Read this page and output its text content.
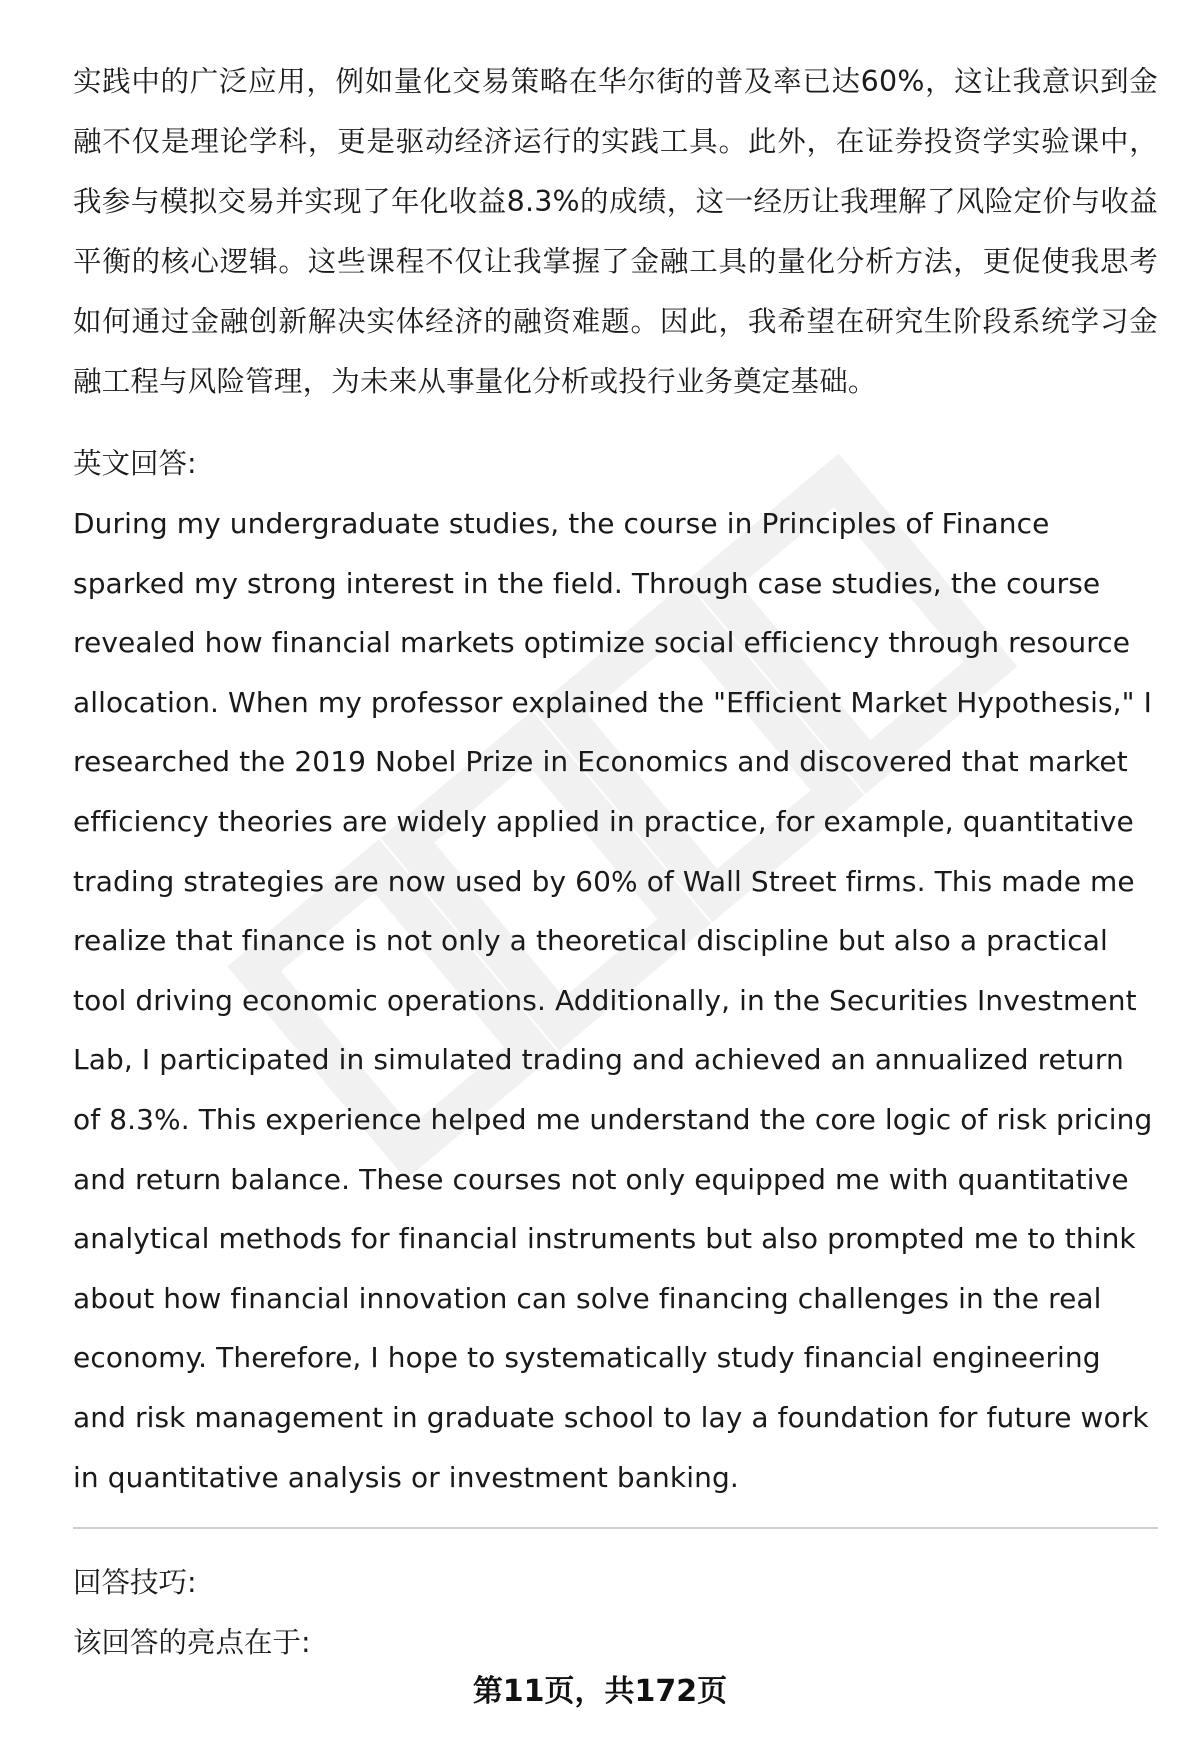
实践中的广泛应用，例如量化交易策略在华尔街的普及率已达60%，这让我意识到金融不仅是理论学科，更是驱动经济运行的实践工具。此外，在证券投资学实验课中，我参与模拟交易并实现了年化收益8.3%的成绩，这一经历让我理解了风险定价与收益平衡的核心逻辑。这些课程不仅让我掌握了金融工具的量化分析方法，更促使我思考如何通过金融创新解决实体经济的融资难题。因此，我希望在研究生阶段系统学习金融工程与风险管理，为未来从事量化分析或投行业务奠定基础。

英文回答:

During my undergraduate studies, the course in Principles of Finance sparked my strong interest in the field. Through case studies, the course revealed how financial markets optimize social efficiency through resource allocation. When my professor explained the "Efficient Market Hypothesis," I researched the 2019 Nobel Prize in Economics and discovered that market efficiency theories are widely applied in practice, for example, quantitative trading strategies are now used by 60% of Wall Street firms. This made me realize that finance is not only a theoretical discipline but also a practical tool driving economic operations. Additionally, in the Securities Investment Lab, I participated in simulated trading and achieved an annualized return of 8.3%. This experience helped me understand the core logic of risk pricing and return balance. These courses not only equipped me with quantitative analytical methods for financial instruments but also prompted me to think about how financial innovation can solve financing challenges in the real economy. Therefore, I hope to systematically study financial engineering and risk management in graduate school to lay a foundation for future work in quantitative analysis or investment banking.

回答技巧:

该回答的亮点在于:

第11页，共172页
